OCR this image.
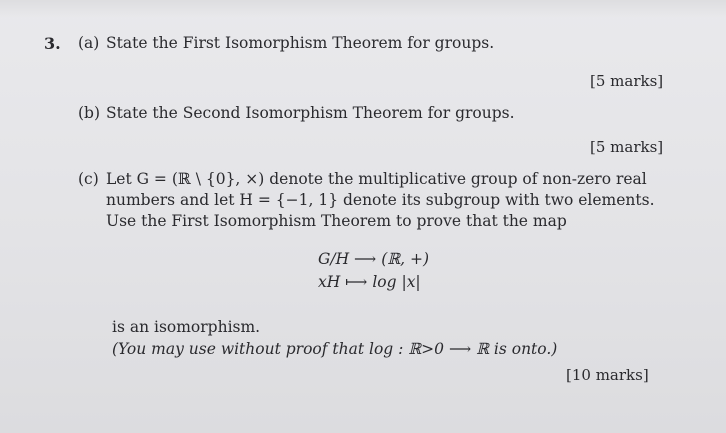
3. (a) State the First Isomorphism Theorem for groups.
[5 marks]
(b) State the Second Isomorphism Theorem for groups.
[5 marks]
(c) Let G = (ℝ \ {0}, ×) denote the multiplicative group of non-zero real
numbers and let H = {−1, 1} denote its subgroup with two elements.
Use the First Isomorphism Theorem to prove that the map
G/H ⟶ (ℝ, +)
xH ⟼ log |x|
is an isomorphism.
(You may use without proof that log : ℝ>0 ⟶ ℝ is onto.)
[10 marks]
